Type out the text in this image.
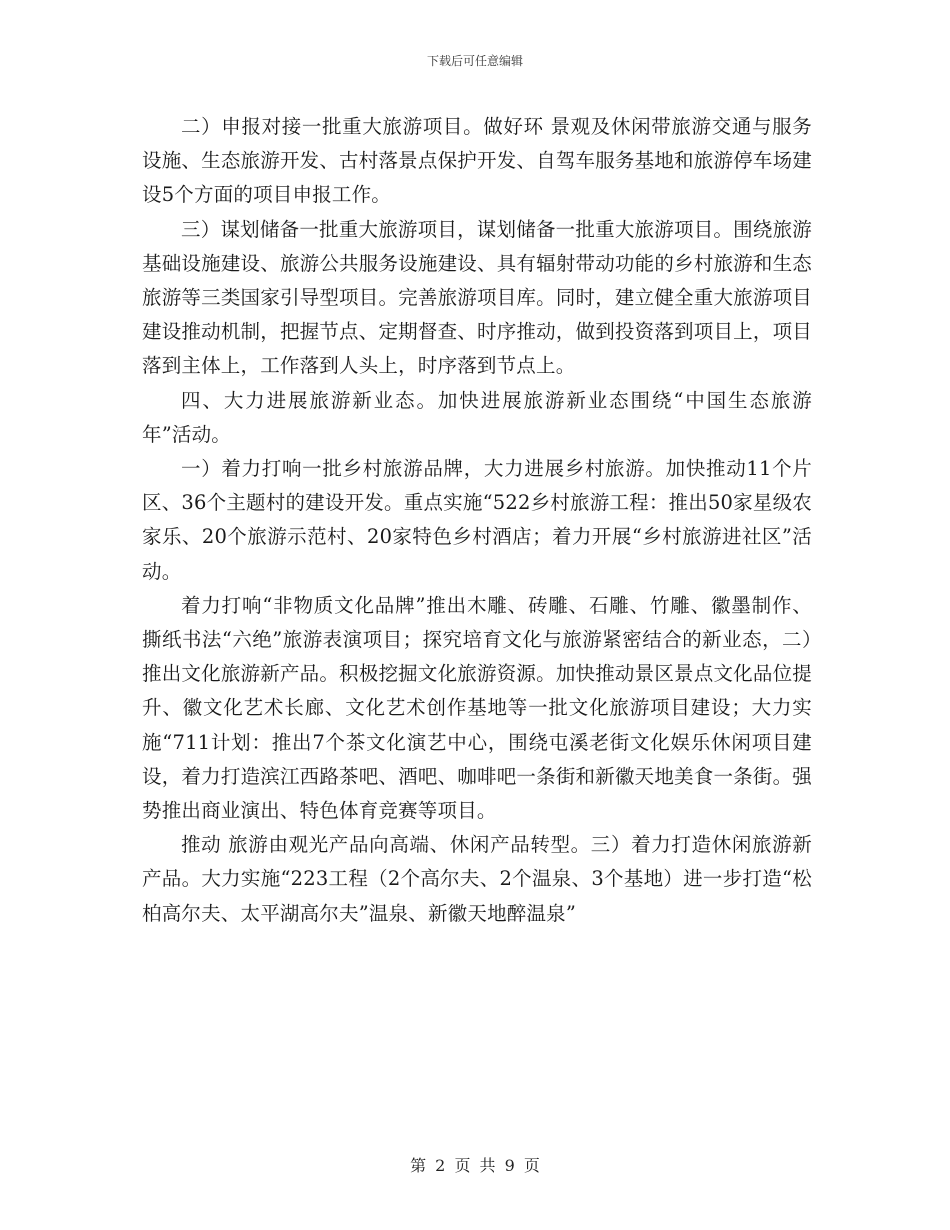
下载后可任意编辑

二）申报对接一批重大旅游项目。做好环 景观及休闲带旅游交通与服务设施、生态旅游开发、古村落景点保护开发、自驾车服务基地和旅游停车场建设5个方面的项目申报工作。

三）谋划储备一批重大旅游项目，谋划储备一批重大旅游项目。围绕旅游基础设施建设、旅游公共服务设施建设、具有辐射带动功能的乡村旅游和生态旅游等三类国家引导型项目。完善旅游项目库。同时，建立健全重大旅游项目建设推动机制，把握节点、定期督查、时序推动，做到投资落到项目上，项目落到主体上，工作落到人头上，时序落到节点上。

四、大力进展旅游新业态。加快进展旅游新业态围绕“中国生态旅游年”活动。

一）着力打响一批乡村旅游品牌，大力进展乡村旅游。加快推动11个片区、36个主题村的建设开发。重点实施“522乡村旅游工程：推出50家星级农家乐、20个旅游示范村、20家特色乡村酒店；着力开展“乡村旅游进社区”活动。

着力打响“非物质文化品牌”推出木雕、砖雕、石雕、竹雕、徽墨制作、撕纸书法“六绝”旅游表演项目；探究培育文化与旅游紧密结合的新业态，二）推出文化旅游新产品。积极挖掘文化旅游资源。加快推动景区景点文化品位提升、徽文化艺术长廊、文化艺术创作基地等一批文化旅游项目建设；大力实施“711计划：推出7个茶文化演艺中心，围绕屯溪老街文化娱乐休闲项目建设，着力打造滨江西路茶吧、酒吧、咖啡吧一条街和新徽天地美食一条街。强势推出商业演出、特色体育竞赛等项目。

推动 旅游由观光产品向高端、休闲产品转型。三）着力打造休闲旅游新产品。大力实施“223工程（2个高尔夫、2个温泉、3个基地）进一步打造“松柏高尔夫、太平湖高尔夫”温泉、新徽天地醉温泉”

第 2 页 共 9 页
